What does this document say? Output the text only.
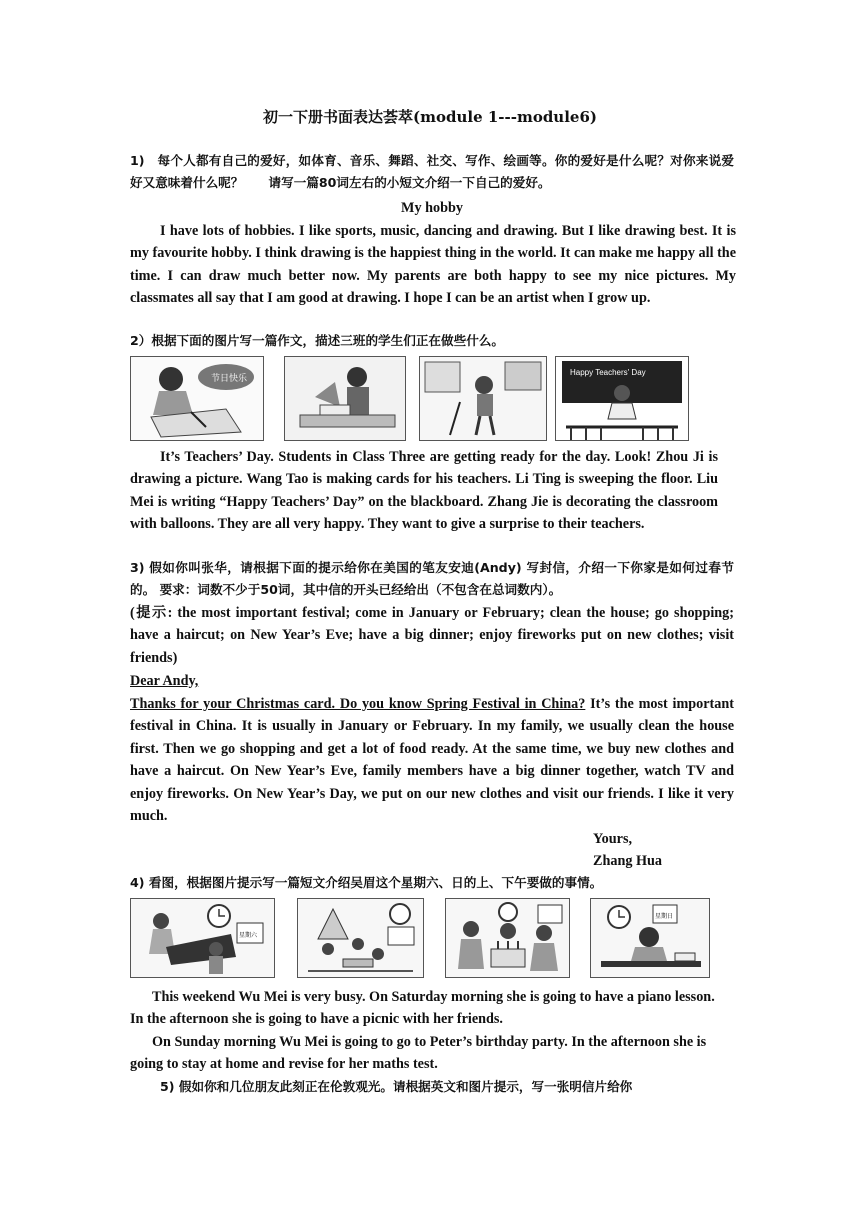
初一下册书面表达荟萃(module 1---module6)
1)　每个人都有自己的爱好，如体育、音乐、舞蹈、社交、写作、绘画等。你的爱好是什么呢？对你来说爱好又意味着什么呢？　　请写一篇80词左右的小短文介绍一下自己的爱好。
My hobby
I have lots of hobbies. I like sports, music, dancing and drawing. But I like drawing best. It is my favourite hobby. I think drawing is the happiest thing in the world. It can make me happy all the time. I can draw much better now. My parents are both happy to see my nice pictures. My classmates all say that I am good at drawing. I hope I can be an artist when I grow up.
2）根据下面的图片写一篇作文，描述三班的学生们正在做些什么。
节日快乐
Happy Teachers' Day
It’s Teachers’ Day. Students in Class Three are getting ready for the day. Look! Zhou Ji is drawing a picture. Wang Tao is making cards for his teachers. Li Ting is sweeping the floor. Liu Mei is writing “Happy Teachers’ Day” on the blackboard. Zhang Jie is decorating the classroom with balloons. They are all very happy. They want to give a surprise to their teachers.
3) 假如你叫张华，请根据下面的提示给你在美国的笔友安迪(Andy) 写封信，介绍一下你家是如何过春节的。 要求：词数不少于50词，其中信的开头已经给出（不包含在总词数内）。
(提示: the most important festival; come in January or February; clean the house; go shopping; have a haircut; on New Year’s Eve; have a big dinner; enjoy fireworks put on new clothes; visit friends)
Dear Andy,
Thanks for your Christmas card. Do you know Spring Festival in China? It’s the most important festival in China. It is usually in January or February. In my family, we usually clean the house first. Then we go shopping and get a lot of food ready. At the same time, we buy new clothes and have a haircut. On New Year’s Eve, family members have a big dinner together, watch TV and enjoy fireworks. On New Year’s Day, we put on our new clothes and visit our friends. I like it very much.
Yours,
Zhang Hua
4) 看图，根据图片提示写一篇短文介绍吴眉这个星期六、日的上、下午要做的事情。
星期六
星期日
This weekend Wu Mei is very busy. On Saturday morning she is going to have a piano lesson. In the afternoon she is going to have a picnic with her friends.
On Sunday morning Wu Mei is going to go to Peter’s birthday party. In the afternoon she is going to stay at home and revise for her maths test.
5) 假如你和几位朋友此刻正在伦敦观光。请根据英文和图片提示，写一张明信片给你
